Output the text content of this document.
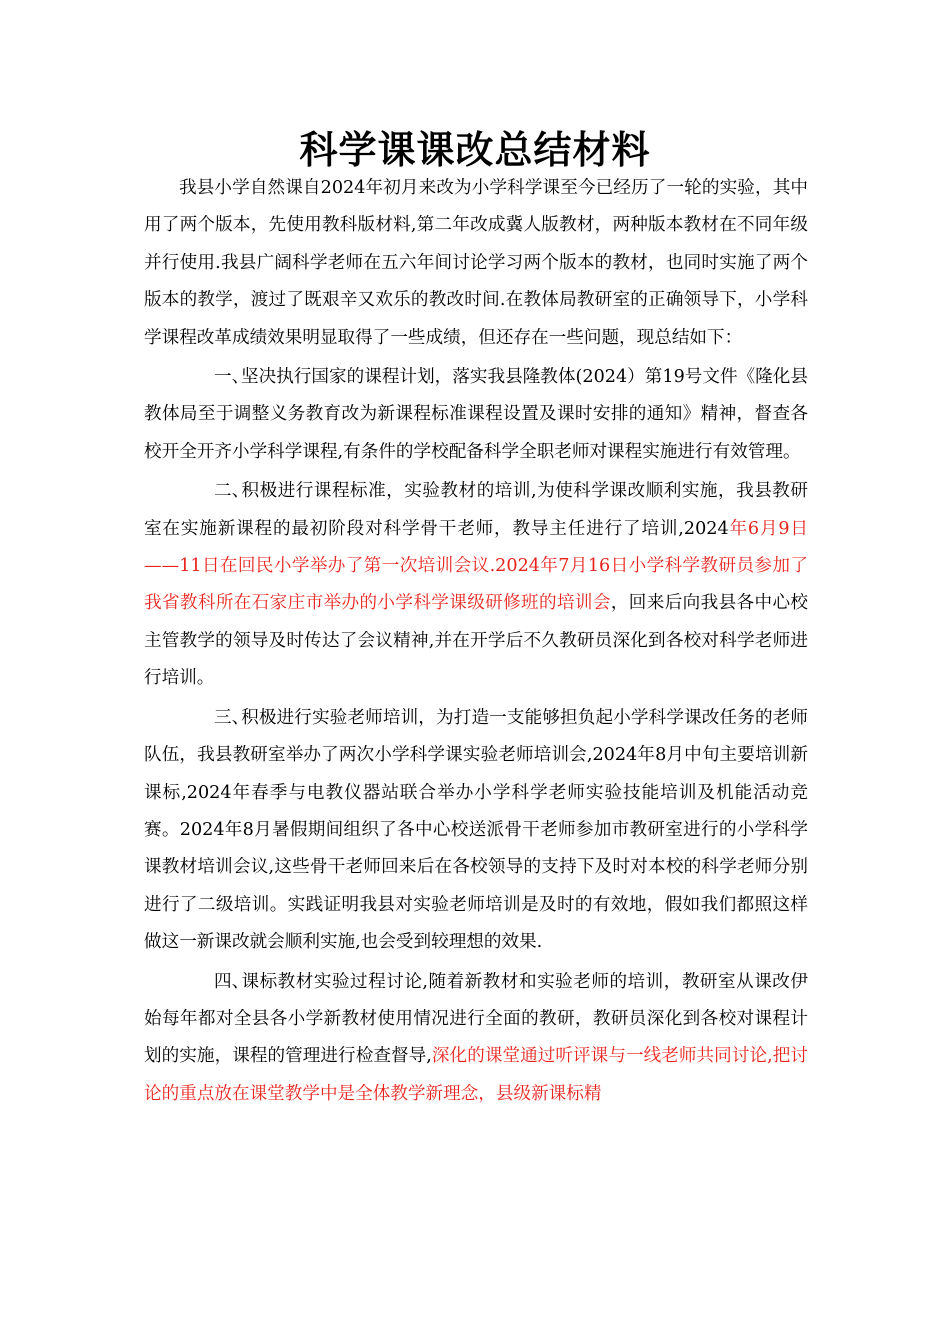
科学课课改总结材料

我县小学自然课自2024年初月来改为小学科学课至今已经历了一轮的实验，其中用了两个版本，先使用教科版材料,第二年改成冀人版教材，两种版本教材在不同年级并行使用.我县广阔科学老师在五六年间讨论学习两个版本的教材，也同时实施了两个版本的教学，渡过了既艰辛又欢乐的教改时间.在教体局教研室的正确领导下，小学科学课程改革成绩效果明显取得了一些成绩，但还存在一些问题，现总结如下：

一、坚决执行国家的课程计划，落实我县隆教体(2024）第19号文件《隆化县教体局至于调整义务教育改为新课程标准课程设置及课时安排的通知》精神，督查各校开全开齐小学科学课程,有条件的学校配备科学全职老师对课程实施进行有效管理。

二、积极进行课程标准，实验教材的培训,为使科学课改顺利实施，我县教研室在实施新课程的最初阶段对科学骨干老师，教导主任进行了培训,2024年6月9日——11日在回民小学举办了第一次培训会议.2024年7月16日小学科学教研员参加了我省教科所在石家庄市举办的小学科学课级研修班的培训会，回来后向我县各中心校主管教学的领导及时传达了会议精神,并在开学后不久教研员深化到各校对科学老师进行培训。

三、积极进行实验老师培训，为打造一支能够担负起小学科学课改任务的老师队伍，我县教研室举办了两次小学科学课实验老师培训会,2024年8月中旬主要培训新课标,2024年春季与电教仪器站联合举办小学科学老师实验技能培训及机能活动竞赛。2024年8月暑假期间组织了各中心校送派骨干老师参加市教研室进行的小学科学课教材培训会议,这些骨干老师回来后在各校领导的支持下及时对本校的科学老师分别进行了二级培训。实践证明我县对实验老师培训是及时的有效地，假如我们都照这样做这一新课改就会顺利实施,也会受到较理想的效果.

四、课标教材实验过程讨论,随着新教材和实验老师的培训，教研室从课改伊始每年都对全县各小学新教材使用情况进行全面的教研，教研员深化到各校对课程计划的实施，课程的管理进行检查督导,深化的课堂通过听评课与一线老师共同讨论,把讨论的重点放在课堂教学中是全体教学新理念，县级新课标精
